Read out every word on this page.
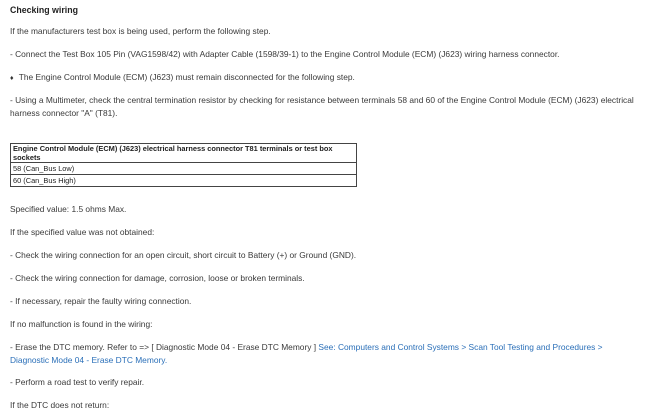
Checking wiring
If the manufacturers test box is being used, perform the following step.
- Connect the Test Box 105 Pin (VAG1598/42) with Adapter Cable (1598/39-1) to the Engine Control Module (ECM) (J623) wiring harness connector.
♦ The Engine Control Module (ECM) (J623) must remain disconnected for the following step.
- Using a Multimeter, check the central termination resistor by checking for resistance between terminals 58 and 60 of the Engine Control Module (ECM) (J623) electrical harness connector "A" (T81).
Engine Control Module (ECM) (J623) electrical harness connector T81 terminals or test box sockets
58 (Can_Bus Low)
60 (Can_Bus High)
Specified value: 1.5 ohms Max.
If the specified value was not obtained:
- Check the wiring connection for an open circuit, short circuit to Battery (+) or Ground (GND).
- Check the wiring connection for damage, corrosion, loose or broken terminals.
- If necessary, repair the faulty wiring connection.
If no malfunction is found in the wiring:
- Erase the DTC memory. Refer to => [ Diagnostic Mode 04 - Erase DTC Memory ] See: Computers and Control Systems > Scan Tool Testing and Procedures > Diagnostic Mode 04 - Erase DTC Memory.
- Perform a road test to verify repair.
If the DTC does not return:
